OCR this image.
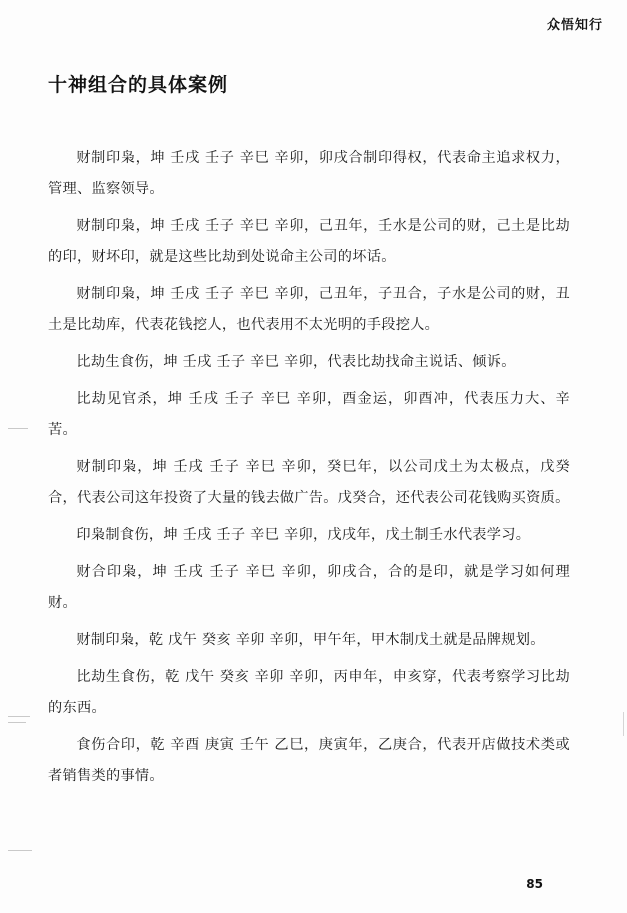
众悟知行
十神组合的具体案例

财制印枭，坤 壬戌 壬子 辛巳 辛卯，卯戌合制印得权，代表命主追求权力，管理、监察领导。

财制印枭，坤 壬戌 壬子 辛巳 辛卯，己丑年，壬水是公司的财，己土是比劫的印，财坏印，就是这些比劫到处说命主公司的坏话。

财制印枭，坤 壬戌 壬子 辛巳 辛卯，己丑年，子丑合，子水是公司的财，丑土是比劫库，代表花钱挖人，也代表用不太光明的手段挖人。

比劫生食伤，坤 壬戌 壬子 辛巳 辛卯，代表比劫找命主说话、倾诉。

比劫见官杀，坤 壬戌 壬子 辛巳 辛卯，酉金运，卯酉冲，代表压力大、辛苦。

财制印枭，坤 壬戌 壬子 辛巳 辛卯，癸巳年，以公司戊土为太极点，戊癸合，代表公司这年投资了大量的钱去做广告。戊癸合，还代表公司花钱购买资质。

印枭制食伤，坤 壬戌 壬子 辛巳 辛卯，戊戌年，戊土制壬水代表学习。

财合印枭，坤 壬戌 壬子 辛巳 辛卯，卯戌合，合的是印，就是学习如何理财。

财制印枭，乾 戊午 癸亥 辛卯 辛卯，甲午年，甲木制戊土就是品牌规划。

比劫生食伤，乾 戊午 癸亥 辛卯 辛卯，丙申年，申亥穿，代表考察学习比劫的东西。

食伤合印，乾 辛酉 庚寅 壬午 乙巳，庚寅年，乙庚合，代表开店做技术类或者销售类的事情。

85
